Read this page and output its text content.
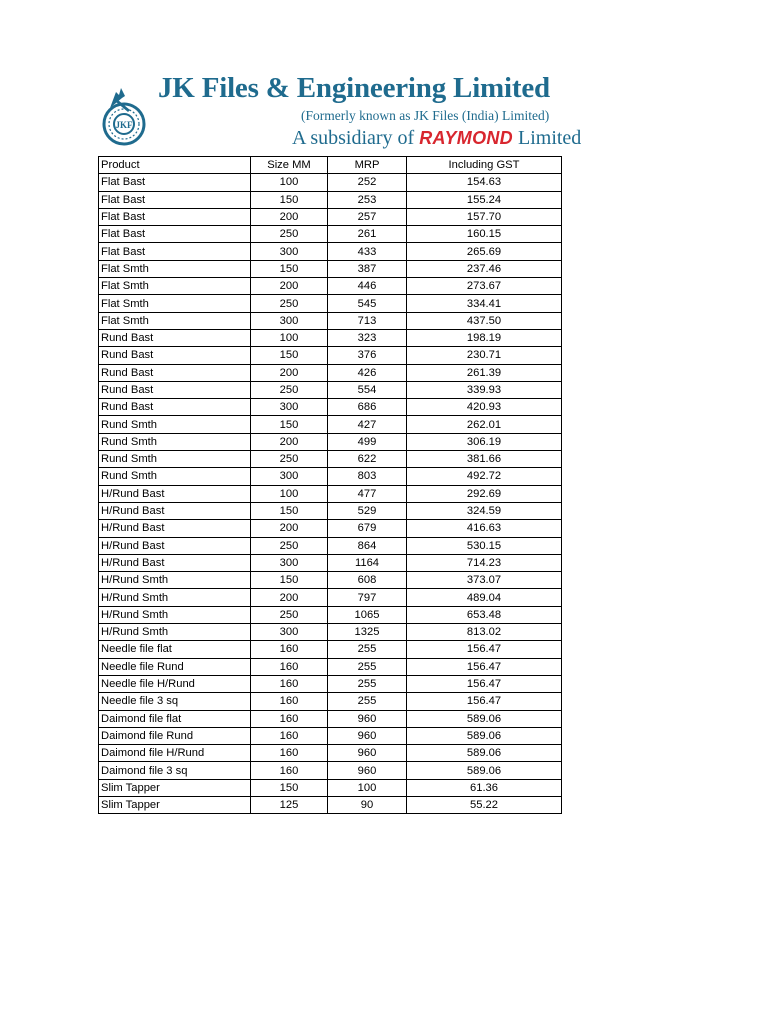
JKF
JK Files & Engineering Limited
(Formerly known as JK Files (India) Limited)
A subsidiary of RAYMOND Limited
Product	Size MM	MRP	Including GST
Flat Bast	100	252	154.63
Flat Bast	150	253	155.24
Flat Bast	200	257	157.70
Flat Bast	250	261	160.15
Flat Bast	300	433	265.69
Flat Smth	150	387	237.46
Flat Smth	200	446	273.67
Flat Smth	250	545	334.41
Flat Smth	300	713	437.50
Rund Bast	100	323	198.19
Rund Bast	150	376	230.71
Rund Bast	200	426	261.39
Rund Bast	250	554	339.93
Rund Bast	300	686	420.93
Rund Smth	150	427	262.01
Rund Smth	200	499	306.19
Rund Smth	250	622	381.66
Rund Smth	300	803	492.72
H/Rund Bast	100	477	292.69
H/Rund Bast	150	529	324.59
H/Rund Bast	200	679	416.63
H/Rund Bast	250	864	530.15
H/Rund Bast	300	1164	714.23
H/Rund Smth	150	608	373.07
H/Rund Smth	200	797	489.04
H/Rund Smth	250	1065	653.48
H/Rund Smth	300	1325	813.02
Needle file flat	160	255	156.47
Needle file Rund	160	255	156.47
Needle file H/Rund	160	255	156.47
Needle file 3 sq	160	255	156.47
Daimond file flat	160	960	589.06
Daimond file Rund	160	960	589.06
Daimond file H/Rund	160	960	589.06
Daimond file 3 sq	160	960	589.06
Slim Tapper	150	100	61.36
Slim Tapper	125	90	55.22
